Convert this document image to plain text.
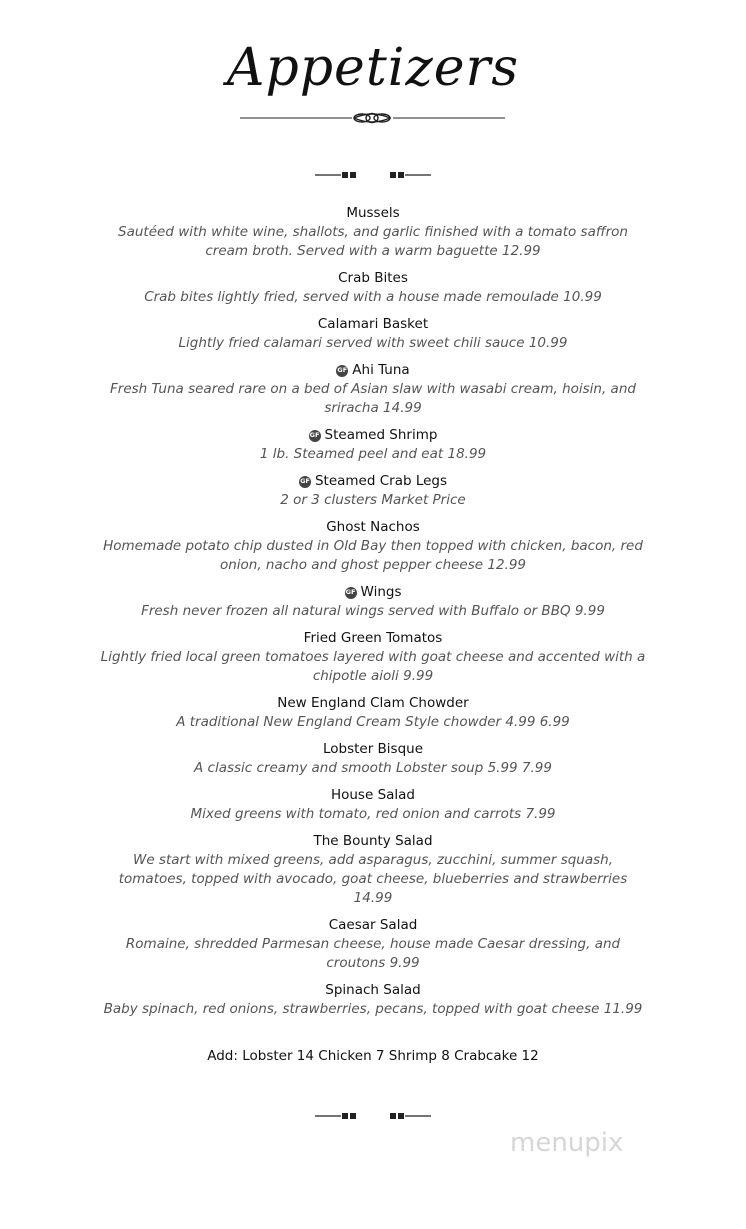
Appetizers
Mussels
Sautéed with white wine, shallots, and garlic finished with a tomato saffron cream broth. Served with a warm baguette 12.99
Crab Bites
Crab bites lightly fried, served with a house made remoulade 10.99
Calamari Basket
Lightly fried calamari served with sweet chili sauce 10.99
GF Ahi Tuna
Fresh Tuna seared rare on a bed of Asian slaw with wasabi cream, hoisin, and sriracha 14.99
GF Steamed Shrimp
1 lb. Steamed peel and eat 18.99
GF Steamed Crab Legs
2 or 3 clusters Market Price
Ghost Nachos
Homemade potato chip dusted in Old Bay then topped with chicken, bacon, red onion, nacho and ghost pepper cheese 12.99
GF Wings
Fresh never frozen all natural wings served with Buffalo or BBQ 9.99
Fried Green Tomatos
Lightly fried local green tomatoes layered with goat cheese and accented with a chipotle aioli 9.99
New England Clam Chowder
A traditional New England Cream Style chowder 4.99 6.99
Lobster Bisque
A classic creamy and smooth Lobster soup 5.99 7.99
House Salad
Mixed greens with tomato, red onion and carrots 7.99
The Bounty Salad
We start with mixed greens, add asparagus, zucchini, summer squash, tomatoes, topped with avocado, goat cheese, blueberries and strawberries 14.99
Caesar Salad
Romaine, shredded Parmesan cheese, house made Caesar dressing, and croutons 9.99
Spinach Salad
Baby spinach, red onions, strawberries, pecans, topped with goat cheese 11.99
Add: Lobster 14 Chicken 7 Shrimp 8 Crabcake 12
menupix
